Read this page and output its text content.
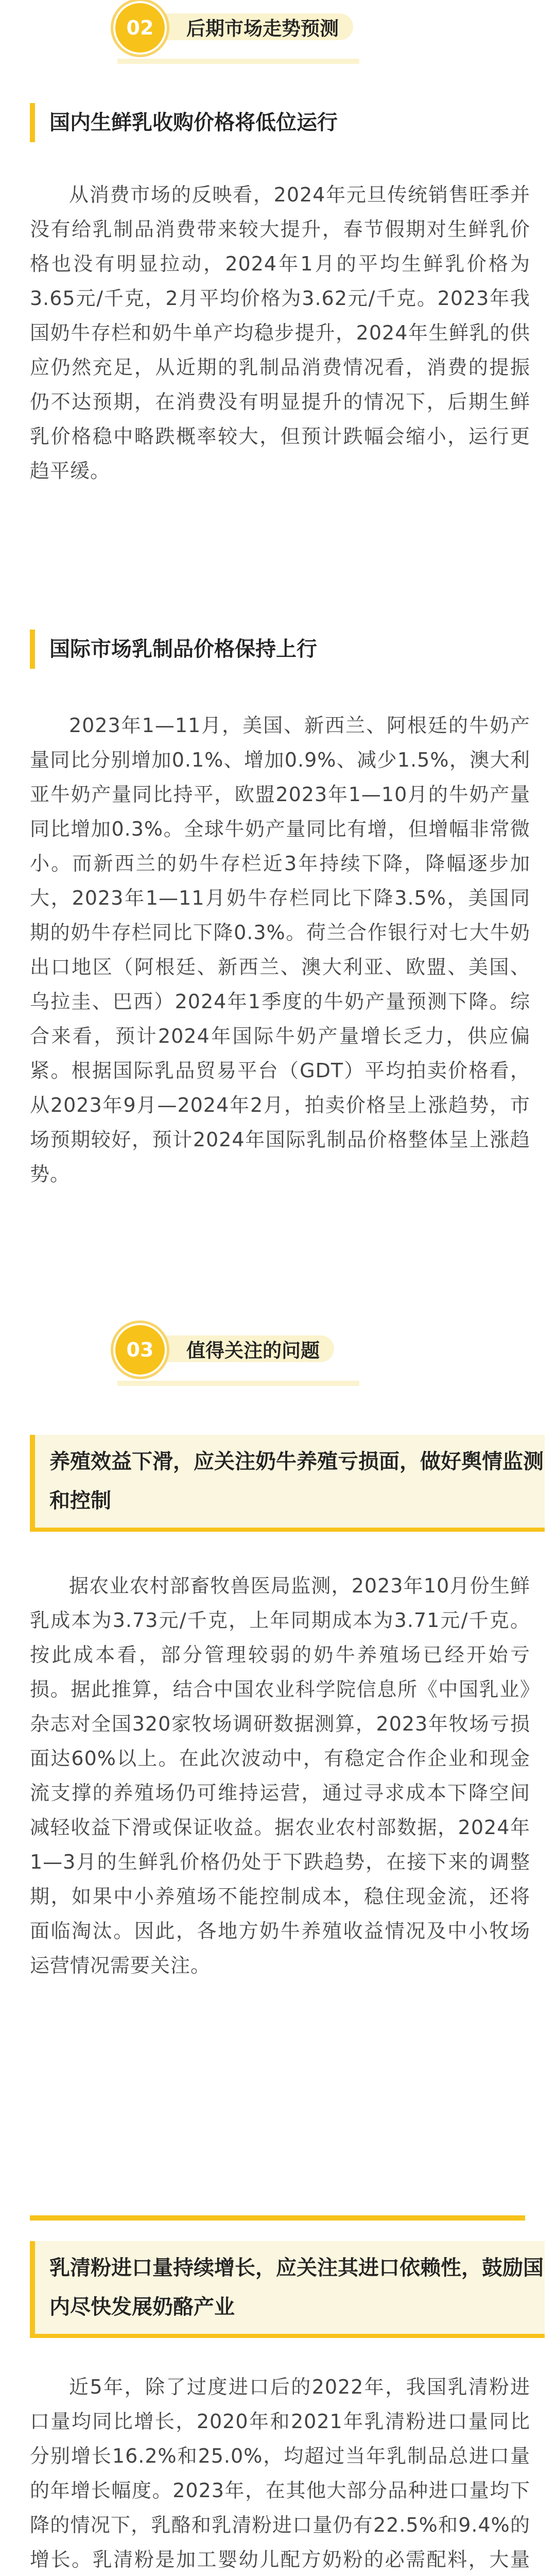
02	后期市场走势预测
国内生鲜乳收购价格将低位运行

从消费市场的反映看，2024年元旦传统销售旺季并没有给乳制品消费带来较大提升，春节假期对生鲜乳价格也没有明显拉动，2024年1月的平均生鲜乳价格为3.65元/千克，2月平均价格为3.62元/千克。2023年我国奶牛存栏和奶牛单产均稳步提升，2024年生鲜乳的供应仍然充足，从近期的乳制品消费情况看，消费的提振仍不达预期，在消费没有明显提升的情况下，后期生鲜乳价格稳中略跌概率较大，但预计跌幅会缩小，运行更趋平缓。

国际市场乳制品价格保持上行

2023年1—11月，美国、新西兰、阿根廷的牛奶产量同比分别增加0.1%、增加0.9%、减少1.5%，澳大利亚牛奶产量同比持平，欧盟2023年1—10月的牛奶产量同比增加0.3%。全球牛奶产量同比有增，但增幅非常微小。而新西兰的奶牛存栏近3年持续下降，降幅逐步加大，2023年1—11月奶牛存栏同比下降3.5%，美国同期的奶牛存栏同比下降0.3%。荷兰合作银行对七大牛奶出口地区（阿根廷、新西兰、澳大利亚、欧盟、美国、乌拉圭、巴西）2024年1季度的牛奶产量预测下降。综合来看，预计2024年国际牛奶产量增长乏力，供应偏紧。根据国际乳品贸易平台（GDT）平均拍卖价格看，从2023年9月—2024年2月，拍卖价格呈上涨趋势，市场预期较好，预计2024年国际乳制品价格整体呈上涨趋势。

03	值得关注的问题
养殖效益下滑，应关注奶牛养殖亏损面，做好舆情监测和控制

据农业农村部畜牧兽医局监测，2023年10月份生鲜乳成本为3.73元/千克，上年同期成本为3.71元/千克。按此成本看，部分管理较弱的奶牛养殖场已经开始亏损。据此推算，结合中国农业科学院信息所《中国乳业》杂志对全国320家牧场调研数据测算，2023年牧场亏损面达60%以上。在此次波动中，有稳定合作企业和现金流支撑的养殖场仍可维持运营，通过寻求成本下降空间减轻收益下滑或保证收益。据农业农村部数据，2024年1—3月的生鲜乳价格仍处于下跌趋势，在接下来的调整期，如果中小养殖场不能控制成本，稳住现金流，还将面临淘汰。因此，各地方奶牛养殖收益情况及中小牧场运营情况需要关注。

乳清粉进口量持续增长，应关注其进口依赖性，鼓励国内尽快发展奶酪产业

近5年，除了过度进口后的2022年，我国乳清粉进口量均同比增长，2020年和2021年乳清粉进口量同比分别增长16.2%和25.0%，均超过当年乳制品总进口量的年增长幅度。2023年，在其他大部分品种进口量均下降的情况下，乳酪和乳清粉进口量仍有22.5%和9.4%的增长。乳清粉是加工婴幼儿配方奶粉的必需配料，大量
